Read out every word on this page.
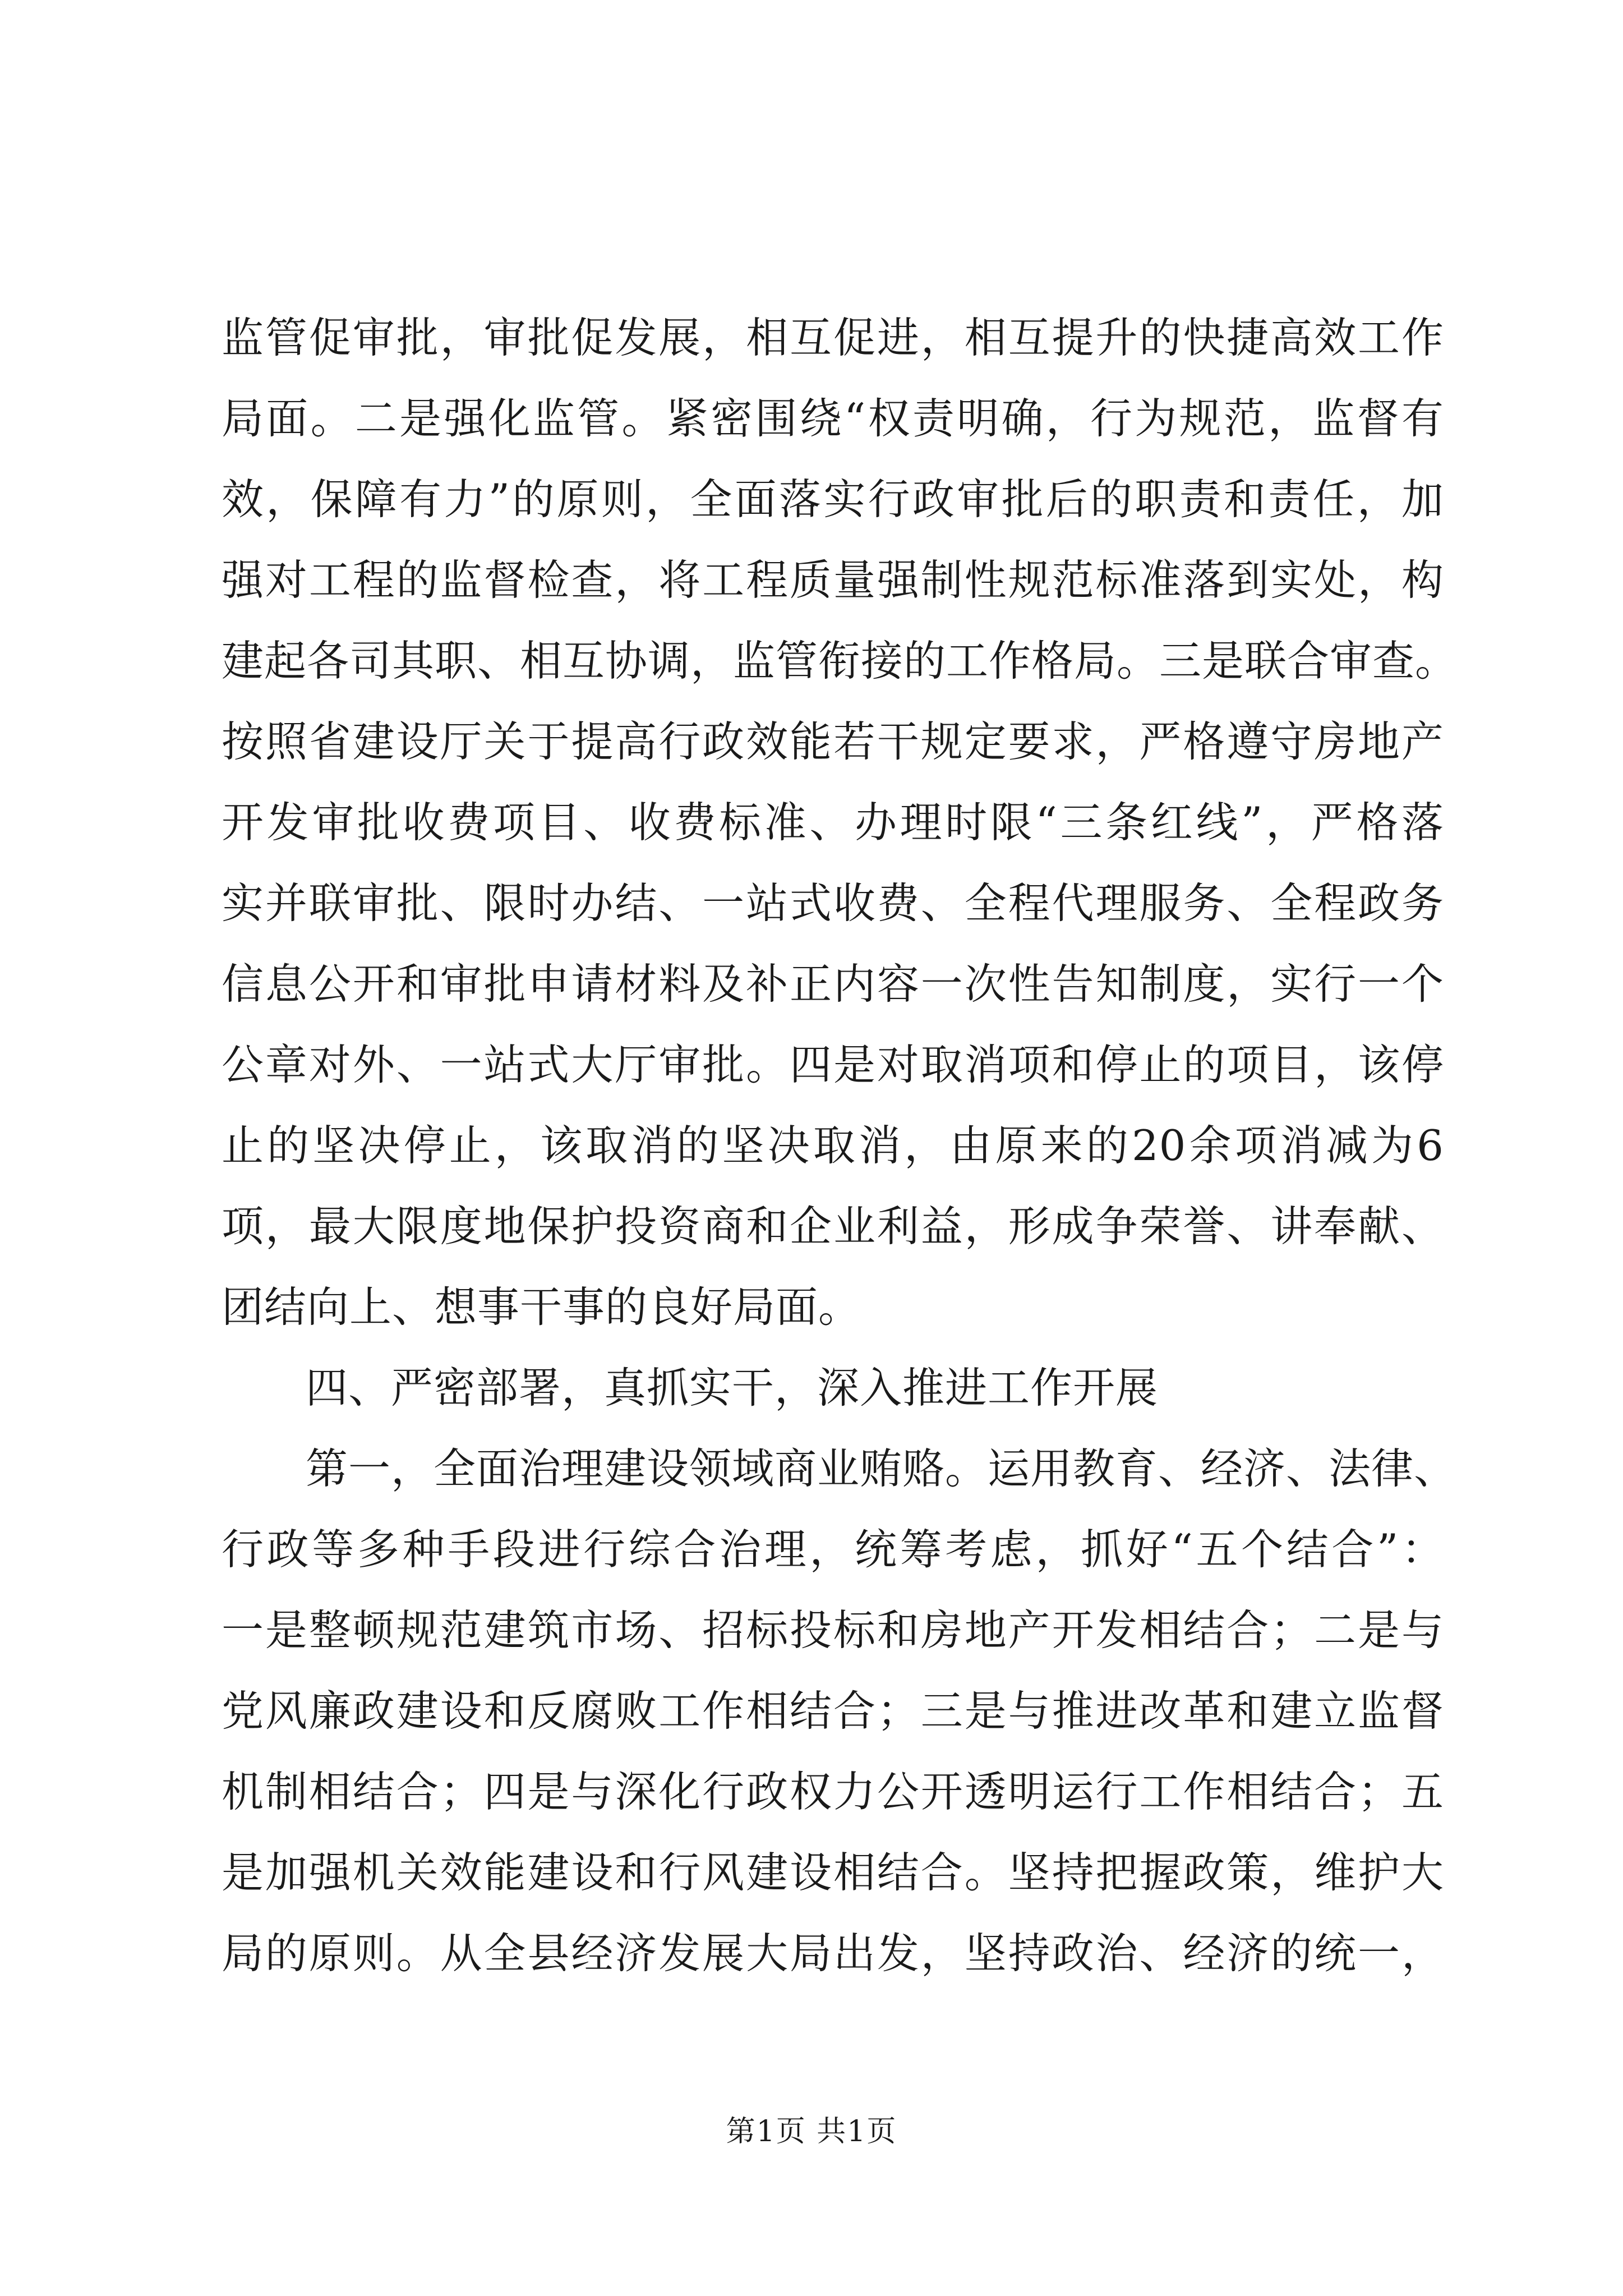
监管促审批，审批促发展，相互促进，相互提升的快捷高效工作
局面。二是强化监管。紧密围绕“权责明确，行为规范，监督有
效，保障有力”的原则，全面落实行政审批后的职责和责任，加
强对工程的监督检查，将工程质量强制性规范标准落到实处，构
建起各司其职、相互协调，监管衔接的工作格局。三是联合审查。
按照省建设厅关于提高行政效能若干规定要求，严格遵守房地产
开发审批收费项目、收费标准、办理时限“三条红线”，严格落
实并联审批、限时办结、一站式收费、全程代理服务、全程政务
信息公开和审批申请材料及补正内容一次性告知制度，实行一个
公章对外、一站式大厅审批。四是对取消项和停止的项目，该停
止的坚决停止，该取消的坚决取消，由原来的20余项消减为6
项，最大限度地保护投资商和企业利益，形成争荣誉、讲奉献、
团结向上、想事干事的良好局面。
四、严密部署，真抓实干，深入推进工作开展
第一，全面治理建设领域商业贿赂。运用教育、经济、法律、
行政等多种手段进行综合治理，统筹考虑，抓好“五个结合”：
一是整顿规范建筑市场、招标投标和房地产开发相结合；二是与
党风廉政建设和反腐败工作相结合；三是与推进改革和建立监督
机制相结合；四是与深化行政权力公开透明运行工作相结合；五
是加强机关效能建设和行风建设相结合。坚持把握政策，维护大
局的原则。从全县经济发展大局出发，坚持政治、经济的统一，
第1页 共1页
